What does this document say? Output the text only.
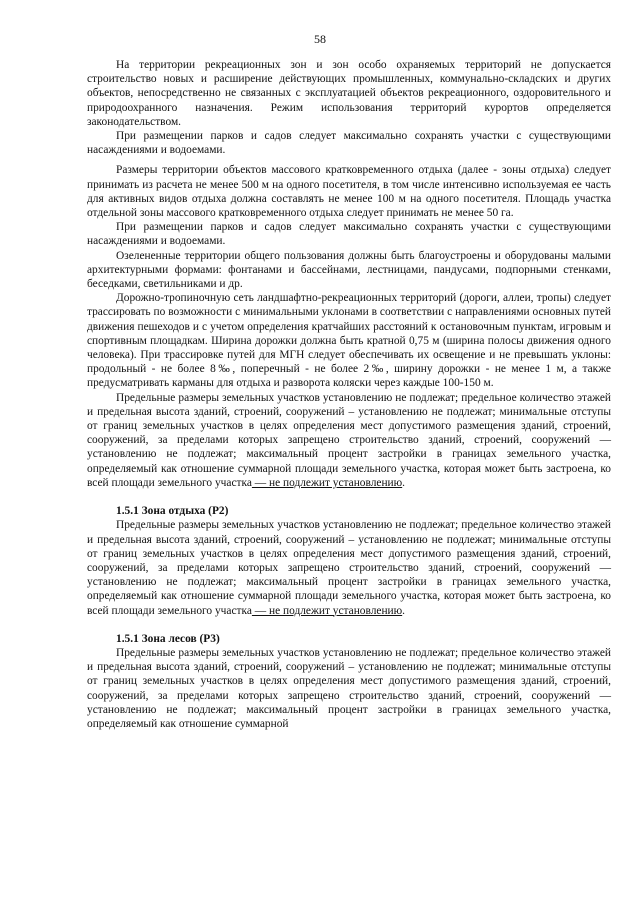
58

На территории рекреационных зон и зон особо охраняемых территорий не допускается строительство новых и расширение действующих промышленных, коммунально-складских и других объектов, непосредственно не связанных с эксплуатацией объектов рекреационного, оздоровительного и природоохранного назначения. Режим использования территорий курортов определяется законодательством.

При размещении парков и садов следует максимально сохранять участки с существующими насаждениями и водоемами.

Размеры территории объектов массового кратковременного отдыха (далее - зоны отдыха) следует принимать из расчета не менее 500 м на одного посетителя, в том числе интенсивно используемая ее часть для активных видов отдыха должна составлять не менее 100 м на одного посетителя. Площадь участка отдельной зоны массового кратковременного отдыха следует принимать не менее 50 га.

При размещении парков и садов следует максимально сохранять участки с существующими насаждениями и водоемами.

Озелененные территории общего пользования должны быть благоустроены и оборудованы малыми архитектурными формами: фонтанами и бассейнами, лестницами, пандусами, подпорными стенками, беседками, светильниками и др.

Дорожно-тропиночную сеть ландшафтно-рекреационных территорий (дороги, аллеи, тропы) следует трассировать по возможности с минимальными уклонами в соответствии с направлениями основных путей движения пешеходов и с учетом определения кратчайших расстояний к остановочным пунктам, игровым и спортивным площадкам. Ширина дорожки должна быть кратной 0,75 м (ширина полосы движения одного человека). При трассировке путей для МГН следует обеспечивать их освещение и не превышать уклоны: продольный - не более 8‰, поперечный - не более 2‰, ширину дорожки - не менее 1 м, а также предусматривать карманы для отдыха и разворота коляски через каждые 100-150 м.

Предельные размеры земельных участков установлению не подлежат; предельное количество этажей и предельная высота зданий, строений, сооружений – установлению не подлежат; минимальные отступы от границ земельных участков в целях определения мест допустимого размещения зданий, строений, сооружений, за пределами которых запрещено строительство зданий, строений, сооружений — установлению не подлежат; максимальный процент застройки в границах земельного участка, определяемый как отношение суммарной площади земельного участка, которая может быть застроена, ко всей площади земельного участка — не подлежит установлению.

1.5.1 Зона отдыха (Р2)

Предельные размеры земельных участков установлению не подлежат; предельное количество этажей и предельная высота зданий, строений, сооружений – установлению не подлежат; минимальные отступы от границ земельных участков в целях определения мест допустимого размещения зданий, строений, сооружений, за пределами которых запрещено строительство зданий, строений, сооружений — установлению не подлежат; максимальный процент застройки в границах земельного участка, определяемый как отношение суммарной площади земельного участка, которая может быть застроена, ко всей площади земельного участка — не подлежит установлению.

1.5.1 Зона лесов (Р3)

Предельные размеры земельных участков установлению не подлежат; предельное количество этажей и предельная высота зданий, строений, сооружений – установлению не подлежат; минимальные отступы от границ земельных участков в целях определения мест допустимого размещения зданий, строений, сооружений, за пределами которых запрещено строительство зданий, строений, сооружений — установлению не подлежат; максимальный процент застройки в границах земельного участка, определяемый как отношение суммарной
